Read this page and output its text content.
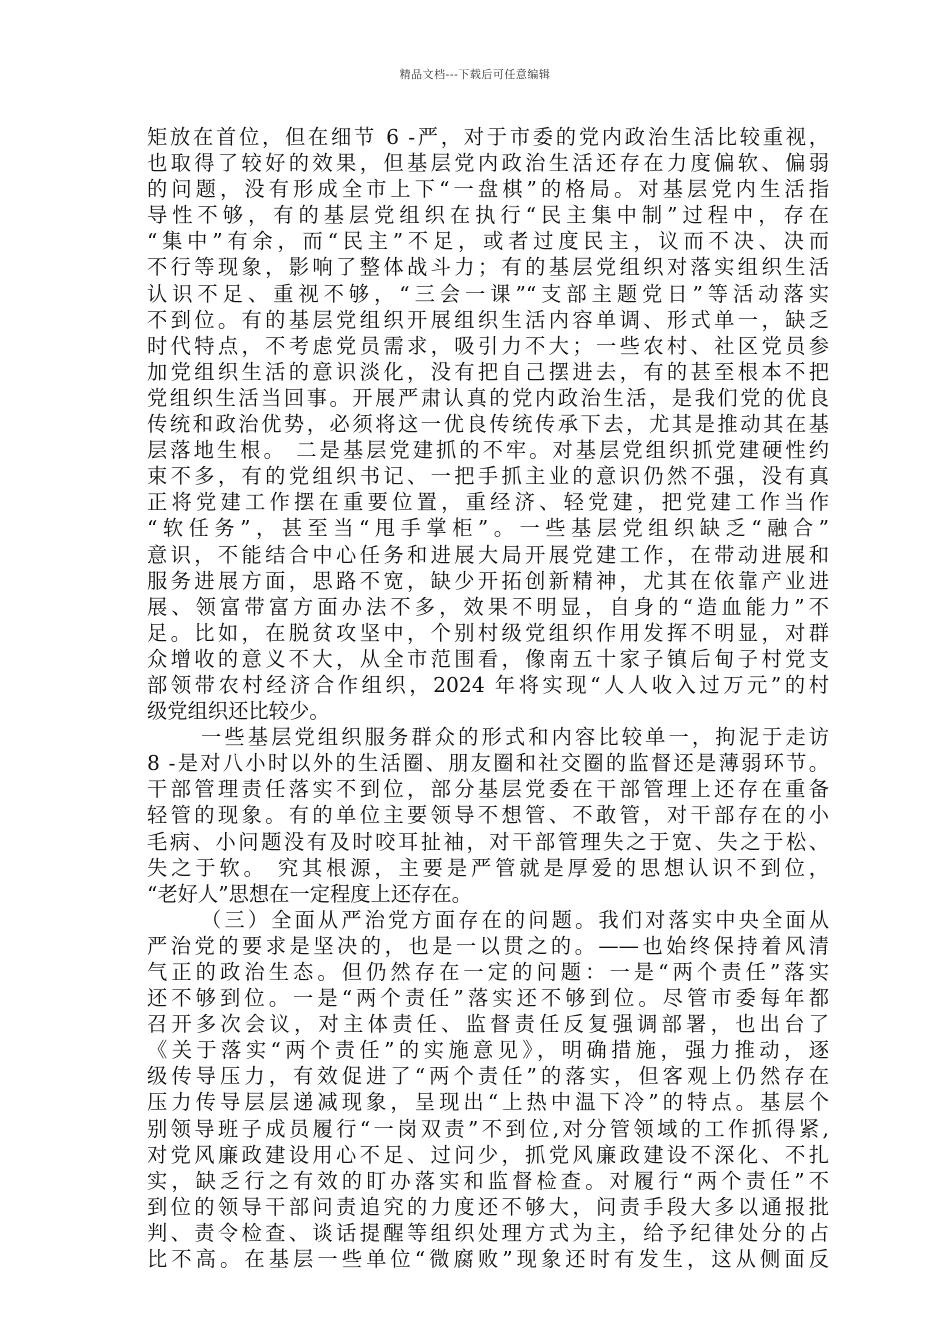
精品文档---下载后可任意编辑
矩放在首位，但在细节 6 -严，对于市委的党内政治生活比较重视，
也取得了较好的效果，但基层党内政治生活还存在力度偏软、偏弱
的问题，没有形成全市上下“一盘棋”的格局。对基层党内生活指
导性不够，有的基层党组织在执行“民主集中制”过程中，存在
“集中”有余，而“民主”不足，或者过度民主，议而不决、决而
不行等现象，影响了整体战斗力；有的基层党组织对落实组织生活
认识不足、重视不够，“三会一课”“支部主题党日”等活动落实
不到位。有的基层党组织开展组织生活内容单调、形式单一，缺乏
时代特点，不考虑党员需求，吸引力不大；一些农村、社区党员参
加党组织生活的意识淡化，没有把自己摆进去，有的甚至根本不把
党组织生活当回事。开展严肃认真的党内政治生活，是我们党的优良
传统和政治优势，必须将这一优良传统传承下去，尤其是推动其在基
层落地生根。 二是基层党建抓的不牢。对基层党组织抓党建硬性约
束不多，有的党组织书记、一把手抓主业的意识仍然不强，没有真
正将党建工作摆在重要位置，重经济、轻党建，把党建工作当作
“软任务”，甚至当“甩手掌柜”。一些基层党组织缺乏“融合”
意识，不能结合中心任务和进展大局开展党建工作，在带动进展和
服务进展方面，思路不宽，缺少开拓创新精神，尤其在依靠产业进
展、领富带富方面办法不多，效果不明显，自身的“造血能力”不
足。比如，在脱贫攻坚中，个别村级党组织作用发挥不明显，对群
众增收的意义不大，从全市范围看，像南五十家子镇后甸子村党支
部领带农村经济合作组织，2024 年将实现“人人收入过万元”的村
级党组织还比较少。
一些基层党组织服务群众的形式和内容比较单一，拘泥于走访
8 -是对八小时以外的生活圈、朋友圈和社交圈的监督还是薄弱环节。
干部管理责任落实不到位，部分基层党委在干部管理上还存在重备
轻管的现象。有的单位主要领导不想管、不敢管，对干部存在的小
毛病、小问题没有及时咬耳扯袖，对干部管理失之于宽、失之于松、
失之于软。 究其根源，主要是严管就是厚爱的思想认识不到位，
“老好人”思想在一定程度上还存在。
（三）全面从严治党方面存在的问题。我们对落实中央全面从
严治党的要求是坚决的，也是一以贯之的。——也始终保持着风清
气正的政治生态。但仍然存在一定的问题：一是“两个责任”落实
还不够到位。一是“两个责任”落实还不够到位。尽管市委每年都
召开多次会议，对主体责任、监督责任反复强调部署，也出台了
《关于落实“两个责任”的实施意见》，明确措施，强力推动，逐
级传导压力，有效促进了“两个责任”的落实，但客观上仍然存在
压力传导层层递减现象，呈现出“上热中温下冷”的特点。基层个
别领导班子成员履行“一岗双责”不到位,对分管领域的工作抓得紧,
对党风廉政建设用心不足、过问少，抓党风廉政建设不深化、不扎
实，缺乏行之有效的盯办落实和监督检查。对履行“两个责任”不
到位的领导干部问责追究的力度还不够大，问责手段大多以通报批
判、责令检查、谈话提醒等组织处理方式为主，给予纪律处分的占
比不高。在基层一些单位“微腐败”现象还时有发生，这从侧面反
